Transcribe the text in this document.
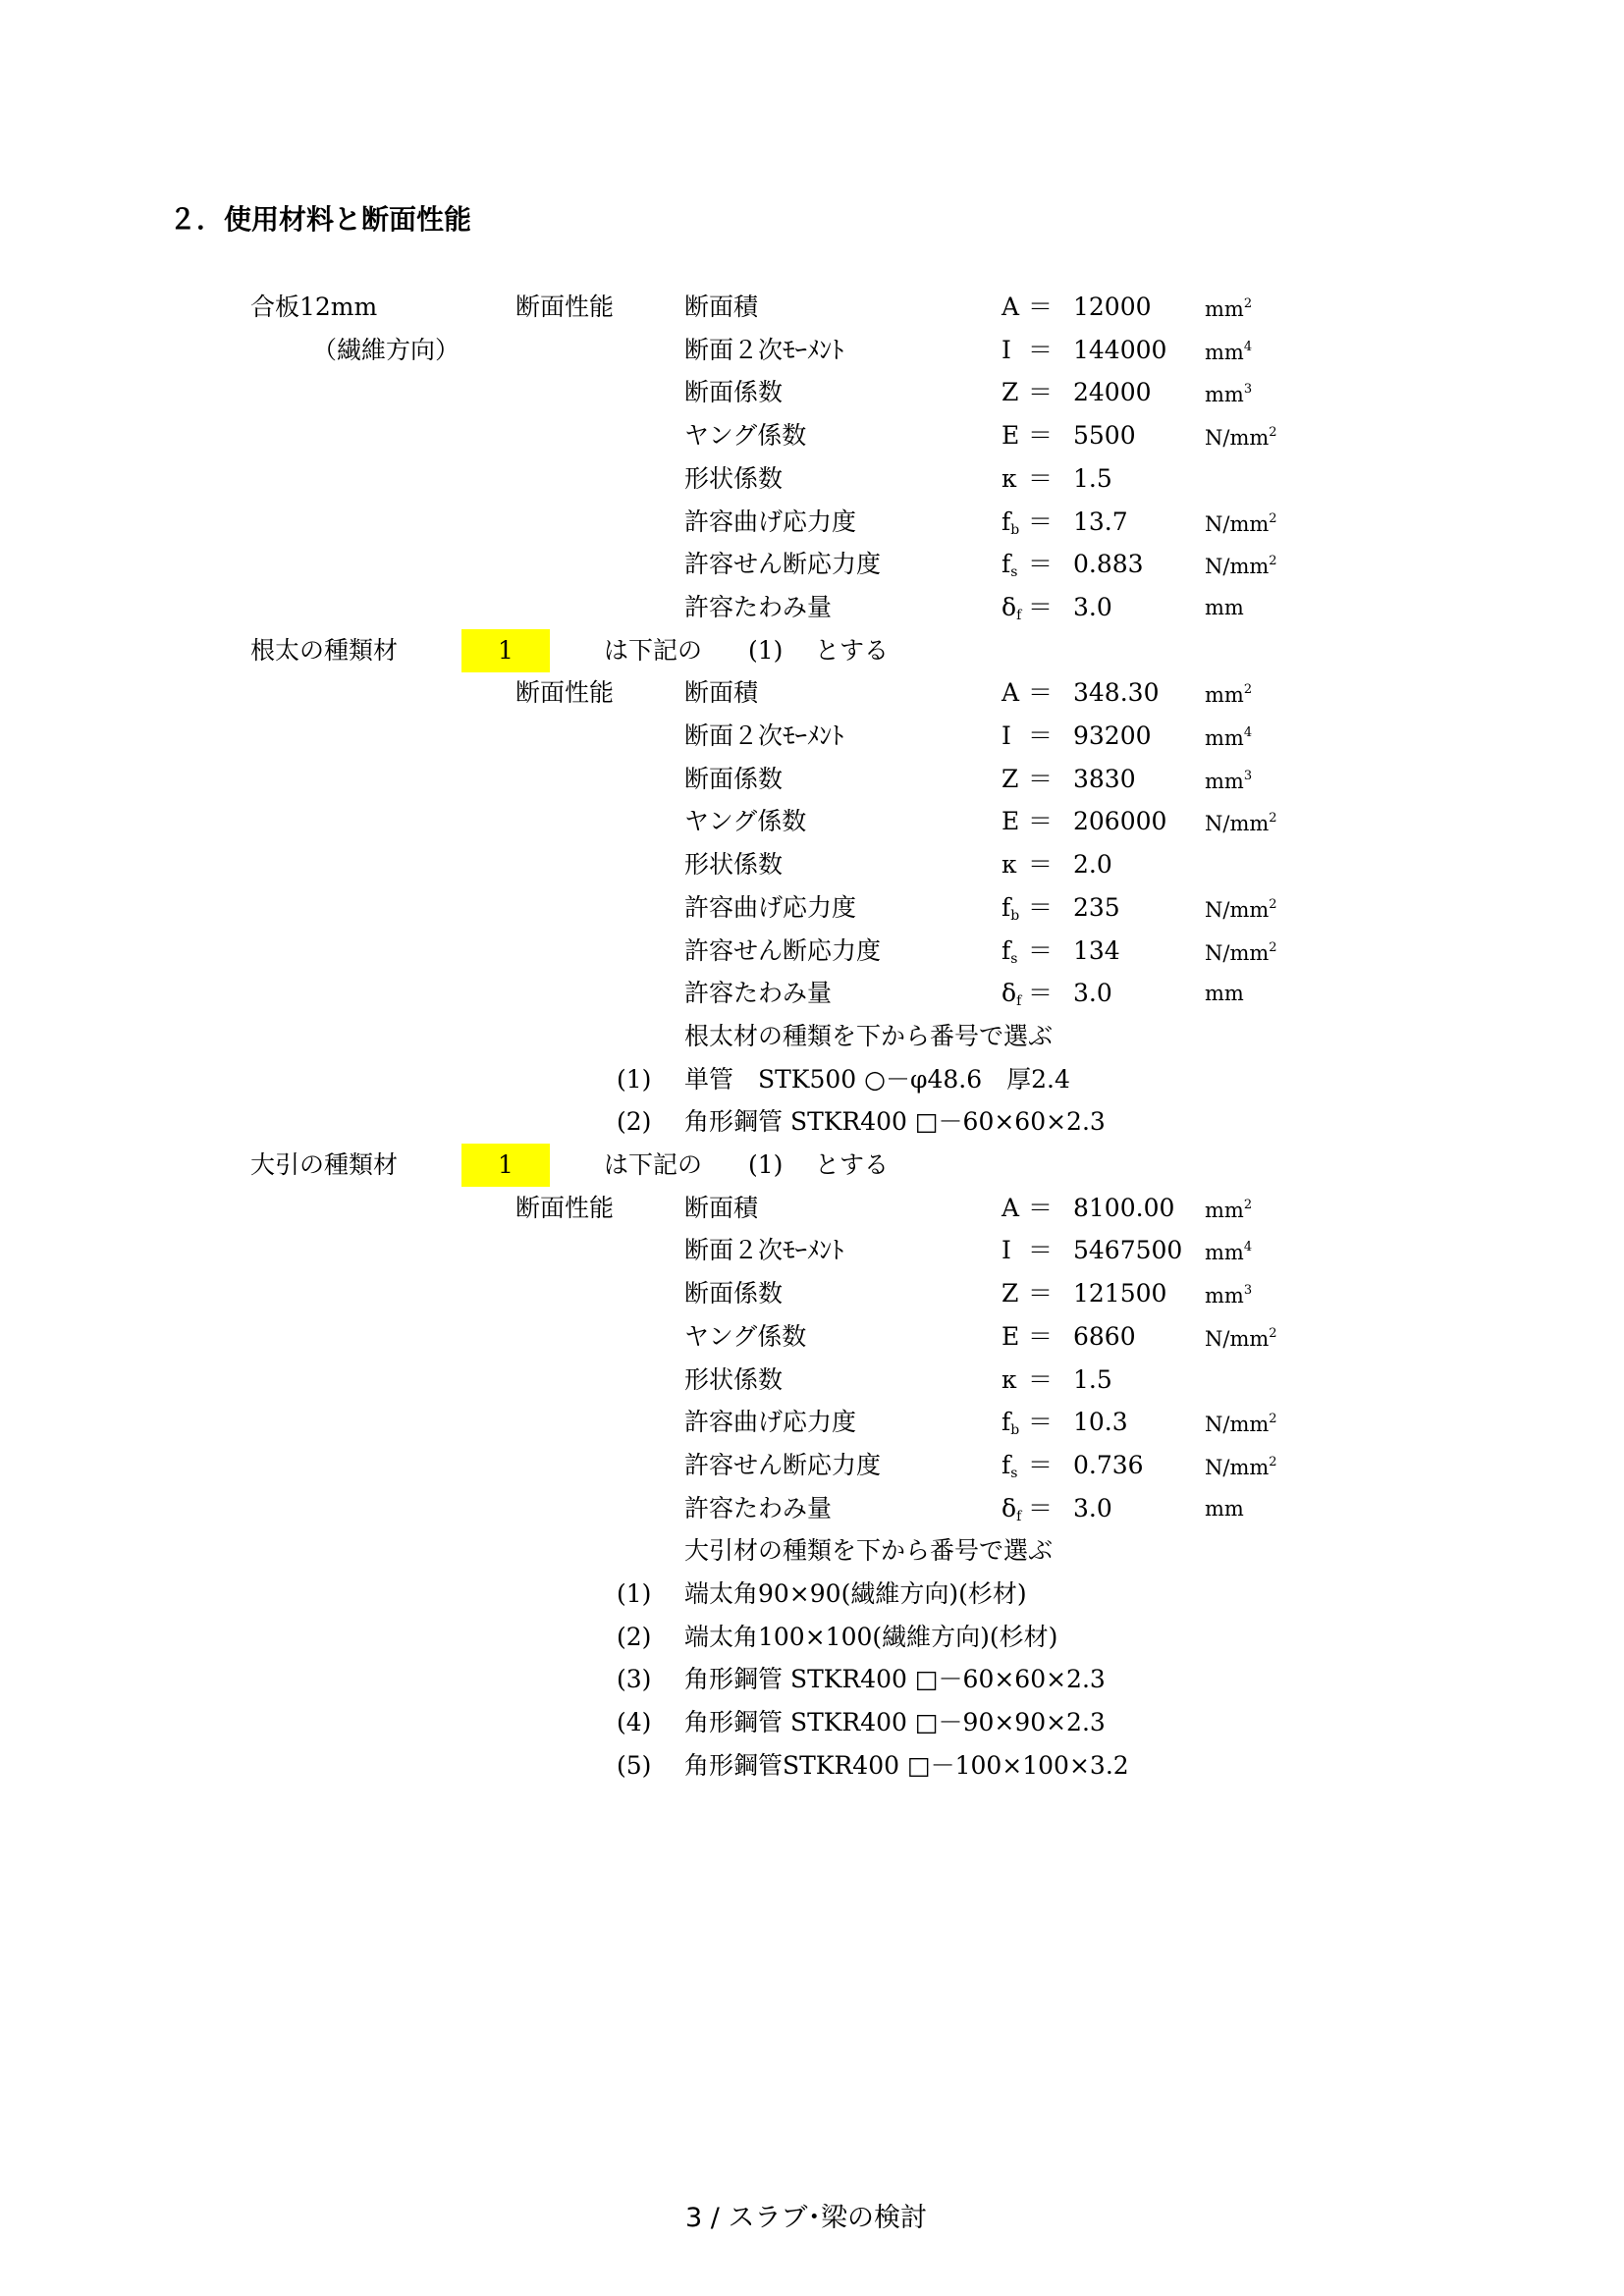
２．使用材料と断面性能
合板12mm
（繊維方向）
断面性能	断面積	A ＝ 12000	$mm^2$
断面２次ﾓｰﾒﾝﾄ	I ＝ 144000 $mm^4$
断面係数	Z ＝ 24000	$mm^3$
ヤング係数	E ＝ 5500	$N/mm^2$
形状係数	κ ＝ 1.5
許容曲げ応力度	$f_b = 13.7$	$N/mm^2$
許容せん断応力度	$f_s = 0.883$	$N/mm^2$
許容たわみ量	$\delta_f = 3.0$	mm
根太の種類材	1	は下記の (1) とする
断面性能	断面積	A ＝ 348.30 $mm^2$
断面２次ﾓｰﾒﾝﾄ	I ＝ 93200	$mm^4$
断面係数	Z ＝ 3830	$mm^3$
ヤング係数	E ＝ 206000 $N/mm^2$
形状係数	κ ＝ 2.0
許容曲げ応力度	$f_b = 235$	$N/mm^2$
許容せん断応力度	$f_s = 134$	$N/mm^2$
許容たわみ量	$\delta_f = 3.0$	mm
根太材の種類を下から番号で選ぶ
(1) 単管　STK500 ○－φ48.6　厚2.4
(2) 角形鋼管 STKR400 □－60×60×2.3
大引の種類材	1	は下記の (1) とする
断面性能	断面積	A ＝ 8100.00 $mm^2$
断面２次ﾓｰﾒﾝﾄ	I ＝ 5467500 $mm^4$
断面係数	Z ＝ 121500 $mm^3$
ヤング係数	E ＝ 6860	$N/mm^2$
形状係数	κ ＝ 1.5
許容曲げ応力度	$f_b = 10.3$	$N/mm^2$
許容せん断応力度	$f_s = 0.736$	$N/mm^2$
許容たわみ量	$\delta_f = 3.0$	mm
大引材の種類を下から番号で選ぶ
(1) 端太角90×90(繊維方向)(杉材)
(2) 端太角100×100(繊維方向)(杉材)
(3) 角形鋼管 STKR400 □－60×60×2.3
(4) 角形鋼管 STKR400 □－90×90×2.3
(5) 角形鋼管STKR400 □－100×100×3.2
3 / スラブ･梁の検討
